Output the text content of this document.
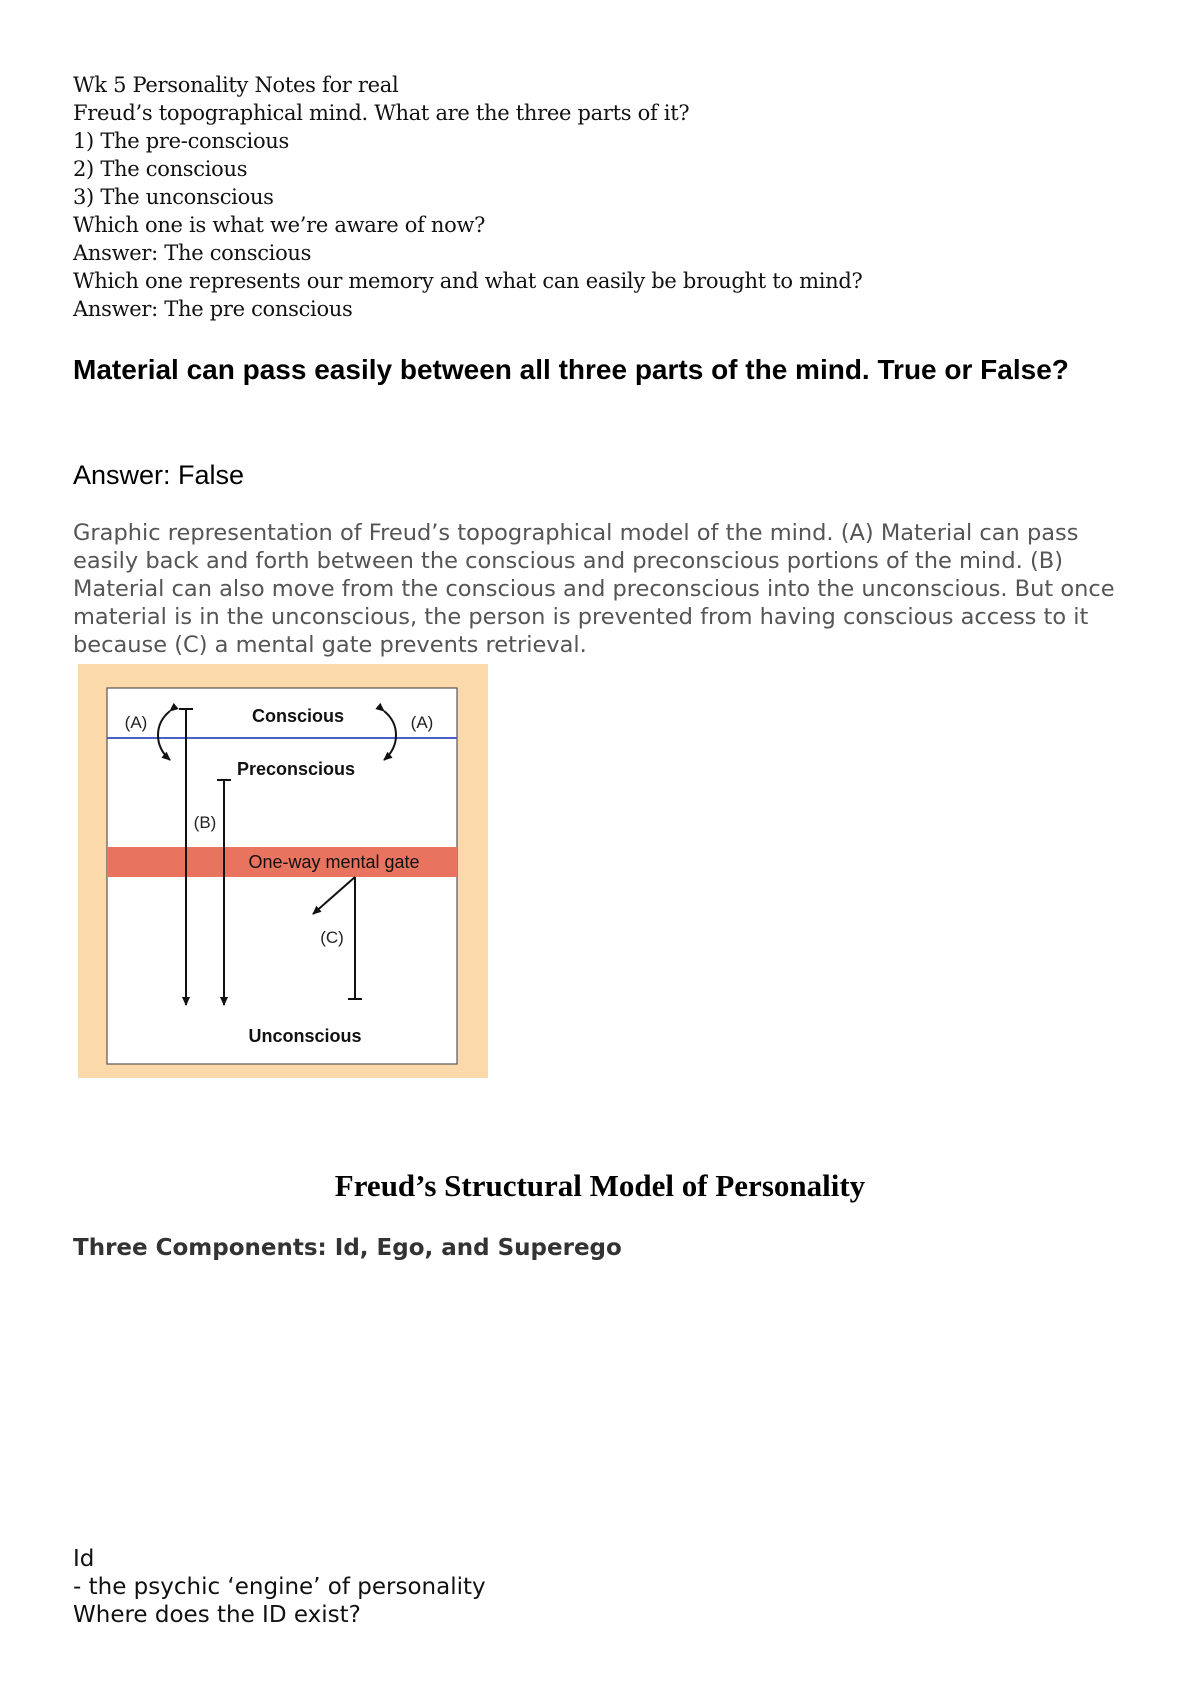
Wk 5 Personality Notes for real
Freud’s topographical mind. What are the three parts of it?
1) The pre-conscious
2) The conscious
3) The unconscious
Which one is what we’re aware of now?
Answer: The conscious
Which one represents our memory and what can easily be brought to mind?
Answer: The pre conscious
Material can pass easily between all three parts of the mind. True or False?
Answer: False
Graphic representation of Freud’s topographical model of the mind. (A) Material can pass easily back and forth between the conscious and preconscious portions of the mind. (B) Material can also move from the conscious and preconscious into the unconscious. But once material is in the unconscious, the person is prevented from having conscious access to it because (C) a mental gate prevents retrieval.
Conscious
Preconscious
One-way mental gate
Unconscious
(A)	(A)
(B)
(C)
Freud’s Structural Model of Personality
Three Components: Id, Ego, and Superego
Id
- the psychic ‘engine’ of personality
Where does the ID exist?
